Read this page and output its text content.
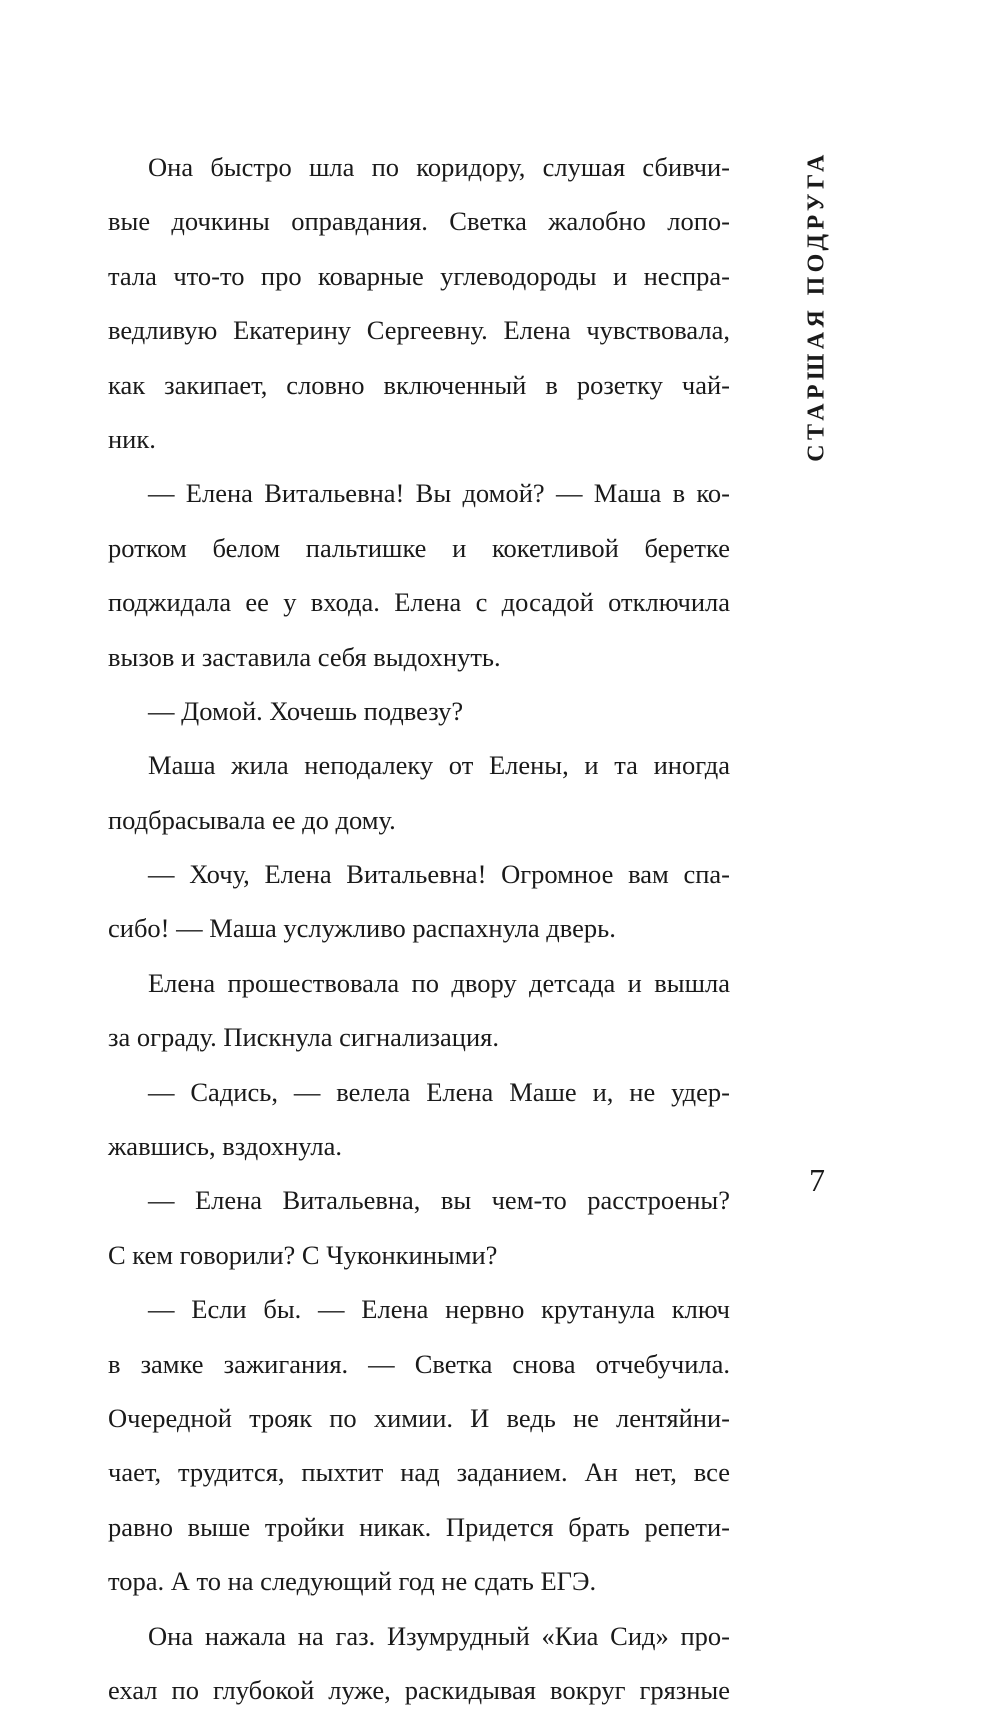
Она быстро шла по коридору, слушая сбивчи-
вые дочкины оправдания. Светка жалобно лопо-
тала что-то про коварные углеводороды и неспра-
ведливую Екатерину Сергеевну. Елена чувствовала,
как закипает, словно включенный в розетку чай-
ник.
— Елена Витальевна! Вы домой? — Маша в ко-
ротком белом пальтишке и кокетливой беретке
поджидала ее у входа. Елена с досадой отключила
вызов и заставила себя выдохнуть.
— Домой. Хочешь подвезу?
Маша жила неподалеку от Елены, и та иногда
подбрасывала ее до дому.
— Хочу, Елена Витальевна! Огромное вам спа-
сибо! — Маша услужливо распахнула дверь.
Елена прошествовала по двору детсада и вышла
за ограду. Пискнула сигнализация.
— Садись, — велела Елена Маше и, не удер-
жавшись, вздохнула.
— Елена Витальевна, вы чем-то расстроены?
С кем говорили? С Чуконкиными?
— Если бы. — Елена нервно крутанула ключ
в замке зажигания. — Светка снова отчебучила.
Очередной трояк по химии. И ведь не лентяйни-
чает, трудится, пыхтит над заданием. Ан нет, все
равно выше тройки никак. Придется брать репети-
тора. А то на следующий год не сдать ЕГЭ.
Она нажала на газ. Изумрудный «Киа Сид» про-
ехал по глубокой луже, раскидывая вокруг грязные
СТАРШАЯ ПОДРУГА
7
